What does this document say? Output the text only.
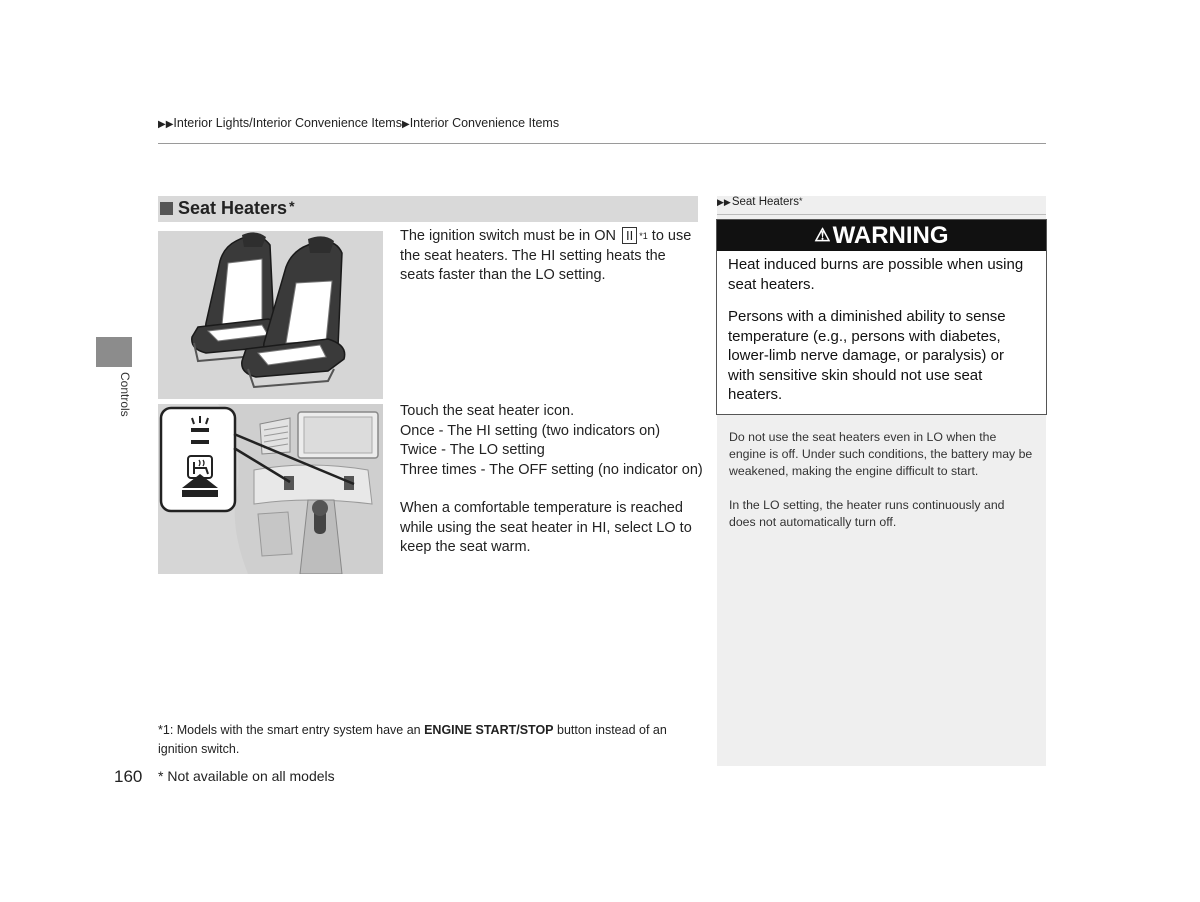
▶▶Interior Lights/Interior Convenience Items▶Interior Convenience Items
Controls
Seat Heaters *
The ignition switch must be in ON II $^{*1}$ to use the seat heaters. The HI setting heats the seats faster than the LO setting.
Touch the seat heater icon.
Once - The HI setting (two indicators on)
Twice - The LO setting
Three times - The OFF setting (no indicator on)
When a comfortable temperature is reached while using the seat heater in HI, select LO to keep the seat warm.
*1: Models with the smart entry system have an ENGINE START/STOP button instead of an ignition switch.
160 * Not available on all models
▶▶Seat Heaters*
⚠WARNING
Heat induced burns are possible when using seat heaters.
Persons with a diminished ability to sense temperature (e.g., persons with diabetes, lower-limb nerve damage, or paralysis) or with sensitive skin should not use seat heaters.
Do not use the seat heaters even in LO when the engine is off. Under such conditions, the battery may be weakened, making the engine difficult to start.
In the LO setting, the heater runs continuously and does not automatically turn off.
